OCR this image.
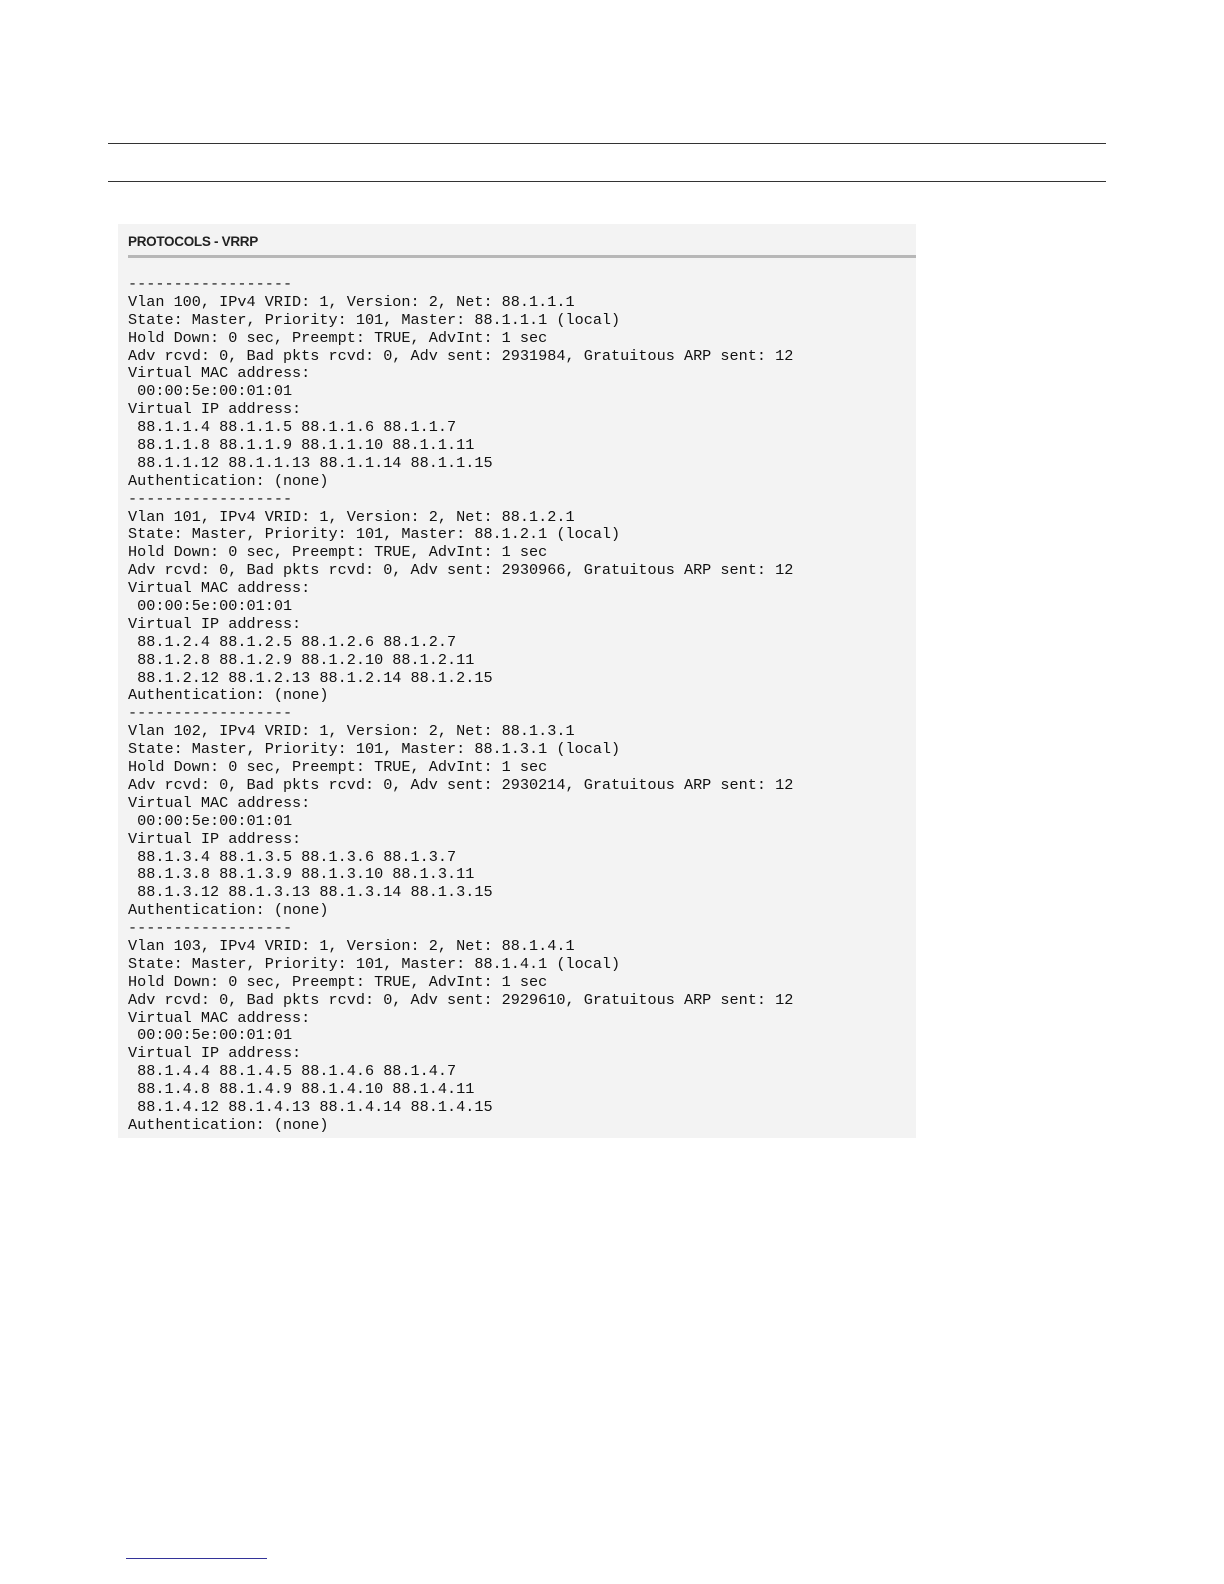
PROTOCOLS - VRRP
------------------
Vlan 100, IPv4 VRID: 1, Version: 2, Net: 88.1.1.1
State: Master, Priority: 101, Master: 88.1.1.1 (local)
Hold Down: 0 sec, Preempt: TRUE, AdvInt: 1 sec
Adv rcvd: 0, Bad pkts rcvd: 0, Adv sent: 2931984, Gratuitous ARP sent: 12
Virtual MAC address:
00:00:5e:00:01:01
Virtual IP address:
88.1.1.4 88.1.1.5 88.1.1.6 88.1.1.7
88.1.1.8 88.1.1.9 88.1.1.10 88.1.1.11
88.1.1.12 88.1.1.13 88.1.1.14 88.1.1.15
Authentication: (none)
------------------
Vlan 101, IPv4 VRID: 1, Version: 2, Net: 88.1.2.1
State: Master, Priority: 101, Master: 88.1.2.1 (local)
Hold Down: 0 sec, Preempt: TRUE, AdvInt: 1 sec
Adv rcvd: 0, Bad pkts rcvd: 0, Adv sent: 2930966, Gratuitous ARP sent: 12
Virtual MAC address:
00:00:5e:00:01:01
Virtual IP address:
88.1.2.4 88.1.2.5 88.1.2.6 88.1.2.7
88.1.2.8 88.1.2.9 88.1.2.10 88.1.2.11
88.1.2.12 88.1.2.13 88.1.2.14 88.1.2.15
Authentication: (none)
------------------
Vlan 102, IPv4 VRID: 1, Version: 2, Net: 88.1.3.1
State: Master, Priority: 101, Master: 88.1.3.1 (local)
Hold Down: 0 sec, Preempt: TRUE, AdvInt: 1 sec
Adv rcvd: 0, Bad pkts rcvd: 0, Adv sent: 2930214, Gratuitous ARP sent: 12
Virtual MAC address:
00:00:5e:00:01:01
Virtual IP address:
88.1.3.4 88.1.3.5 88.1.3.6 88.1.3.7
88.1.3.8 88.1.3.9 88.1.3.10 88.1.3.11
88.1.3.12 88.1.3.13 88.1.3.14 88.1.3.15
Authentication: (none)
------------------
Vlan 103, IPv4 VRID: 1, Version: 2, Net: 88.1.4.1
State: Master, Priority: 101, Master: 88.1.4.1 (local)
Hold Down: 0 sec, Preempt: TRUE, AdvInt: 1 sec
Adv rcvd: 0, Bad pkts rcvd: 0, Adv sent: 2929610, Gratuitous ARP sent: 12
Virtual MAC address:
00:00:5e:00:01:01
Virtual IP address:
88.1.4.4 88.1.4.5 88.1.4.6 88.1.4.7
88.1.4.8 88.1.4.9 88.1.4.10 88.1.4.11
88.1.4.12 88.1.4.13 88.1.4.14 88.1.4.15
Authentication: (none)
